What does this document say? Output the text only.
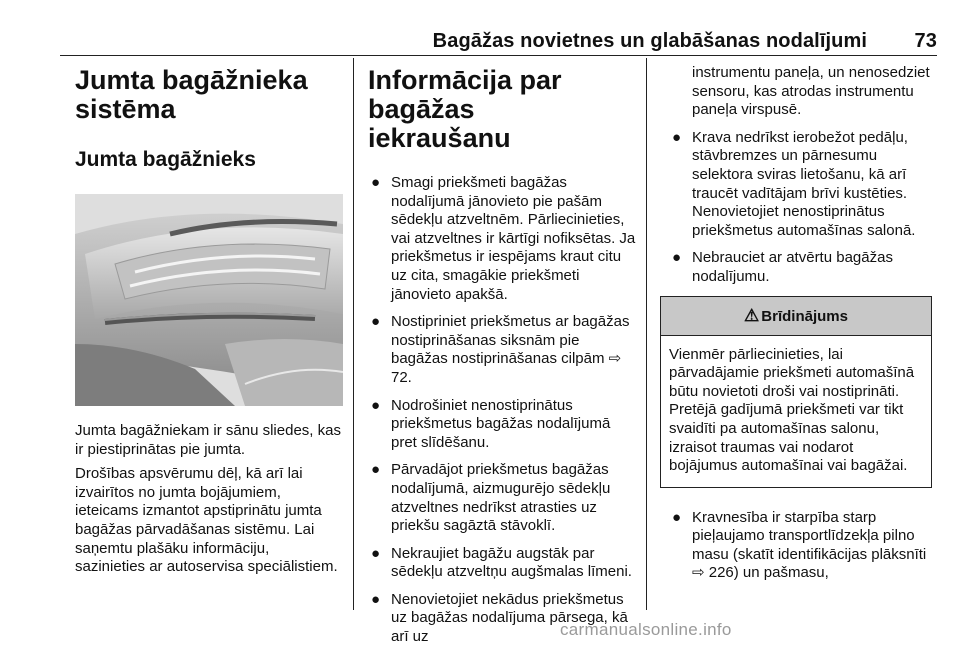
Bagāžas novietnes un glabāšanas nodalījumi 73
Jumta bagāžnieka
sistēma
Jumta bagāžnieks

Jumta bagāžniekam ir sānu sliedes, kas ir piestiprinātas pie jumta.

Drošības apsvērumu dēļ, kā arī lai izvairītos no jumta bojājumiem, ieteicams izmantot apstiprinātu jumta bagāžas pārvadāšanas sistēmu. Lai saņemtu plašāku informāciju, sazinieties ar autoservisa speciālistiem.

Informācija par bagāžas
iekraušanu
● Smagi priekšmeti bagāžas nodalījumā jānovieto pie pašām sēdekļu atzveltnēm. Pārliecinieties, vai atzveltnes ir kārtīgi nofiksētas. Ja priekšmetus ir iespējams kraut citu uz cita, smagākie priekšmeti jānovieto apakšā.
● Nostipriniet priekšmetus ar bagāžas nostiprināšanas siksnām pie bagāžas nostiprināšanas cilpām ⇨ 72.
● Nodrošiniet nenostiprinātus priekšmetus bagāžas nodalījumā pret slīdēšanu.
● Pārvadājot priekšmetus bagāžas nodalījumā, aizmugurējo sēdekļu atzveltnes nedrīkst atrasties uz priekšu sagāztā stāvoklī.
● Nekraujiet bagāžu augstāk par sēdekļu atzveltņu augšmalas līmeni.
● Nenovietojiet nekādus priekšmetus uz bagāžas nodalījuma pārsega, kā arī uz
instrumentu paneļa, un nenosedziet sensoru, kas atrodas instrumentu paneļa virspusē.
● Krava nedrīkst ierobežot pedāļu, stāvbremzes un pārnesumu selektora sviras lietošanu, kā arī traucēt vadītājam brīvi kustēties. Nenovietojiet nenostiprinātus priekšmetus automašīnas salonā.
● Nebrauciet ar atvērtu bagāžas nodalījumu.
⚠ Brīdinājums
Vienmēr pārliecinieties, lai pārvadājamie priekšmeti automašīnā būtu novietoti droši vai nostiprināti. Pretējā gadījumā priekšmeti var tikt svaidīti pa automašīnas salonu, izraisot traumas vai nodarot bojājumus automašīnai vai bagāžai.
● Kravnesība ir starpība starp pieļaujamo transportlīdzekļa pilno masu (skatīt identifikācijas plāksnīti ⇨ 226) un pašmasu,
carmanualsonline.info
